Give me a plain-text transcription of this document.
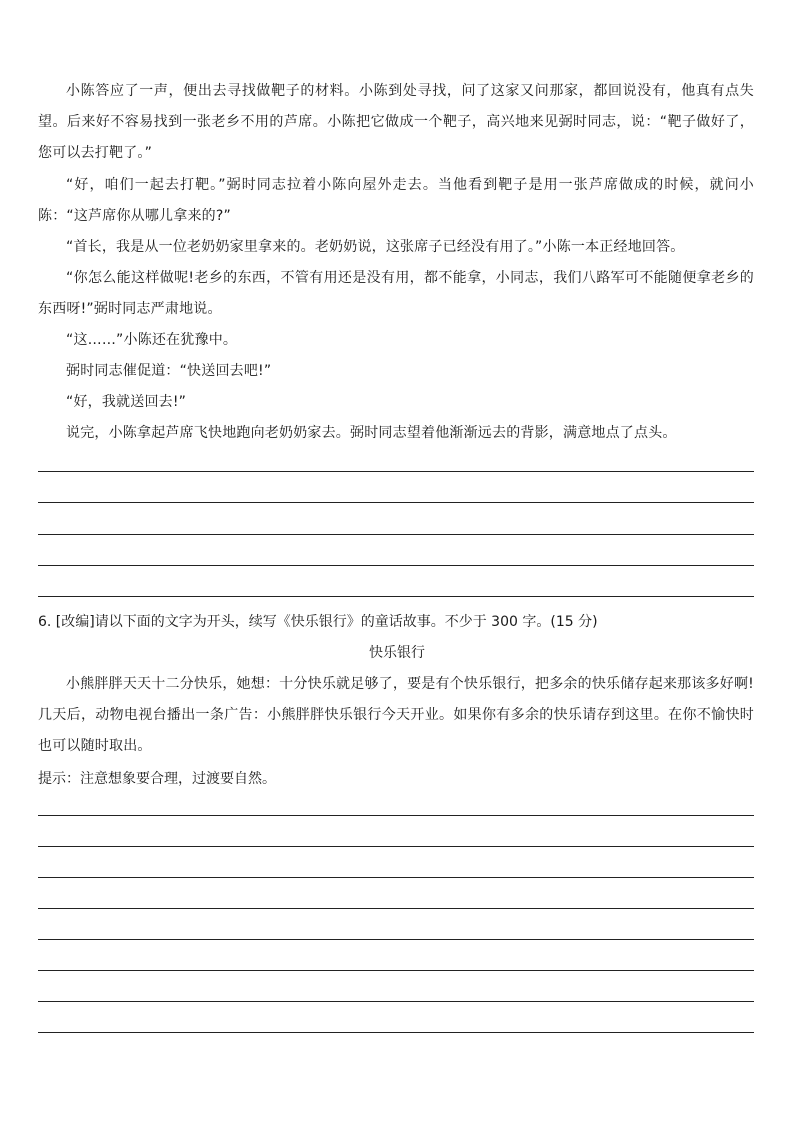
小陈答应了一声，便出去寻找做靶子的材料。小陈到处寻找，问了这家又问那家，都回说没有，他真有点失望。后来好不容易找到一张老乡不用的芦席。小陈把它做成一个靶子，高兴地来见弼时同志，说：“靶子做好了，您可以去打靶了。”

“好，咱们一起去打靶。”弼时同志拉着小陈向屋外走去。当他看到靶子是用一张芦席做成的时候，就问小陈：“这芦席你从哪儿拿来的?”

“首长，我是从一位老奶奶家里拿来的。老奶奶说，这张席子已经没有用了。”小陈一本正经地回答。

“你怎么能这样做呢!老乡的东西，不管有用还是没有用，都不能拿，小同志，我们八路军可不能随便拿老乡的东西呀!”弼时同志严肃地说。

“这……”小陈还在犹豫中。

弼时同志催促道：“快送回去吧!”

“好，我就送回去!”

说完，小陈拿起芦席飞快地跑向老奶奶家去。弼时同志望着他渐渐远去的背影，满意地点了点头。

6. [改编]请以下面的文字为开头，续写《快乐银行》的童话故事。不少于 300 字。(15 分)

快乐银行

小熊胖胖天天十二分快乐，她想：十分快乐就足够了，要是有个快乐银行，把多余的快乐储存起来那该多好啊!几天后，动物电视台播出一条广告：小熊胖胖快乐银行今天开业。如果你有多余的快乐请存到这里。在你不愉快时也可以随时取出。

提示：注意想象要合理，过渡要自然。
